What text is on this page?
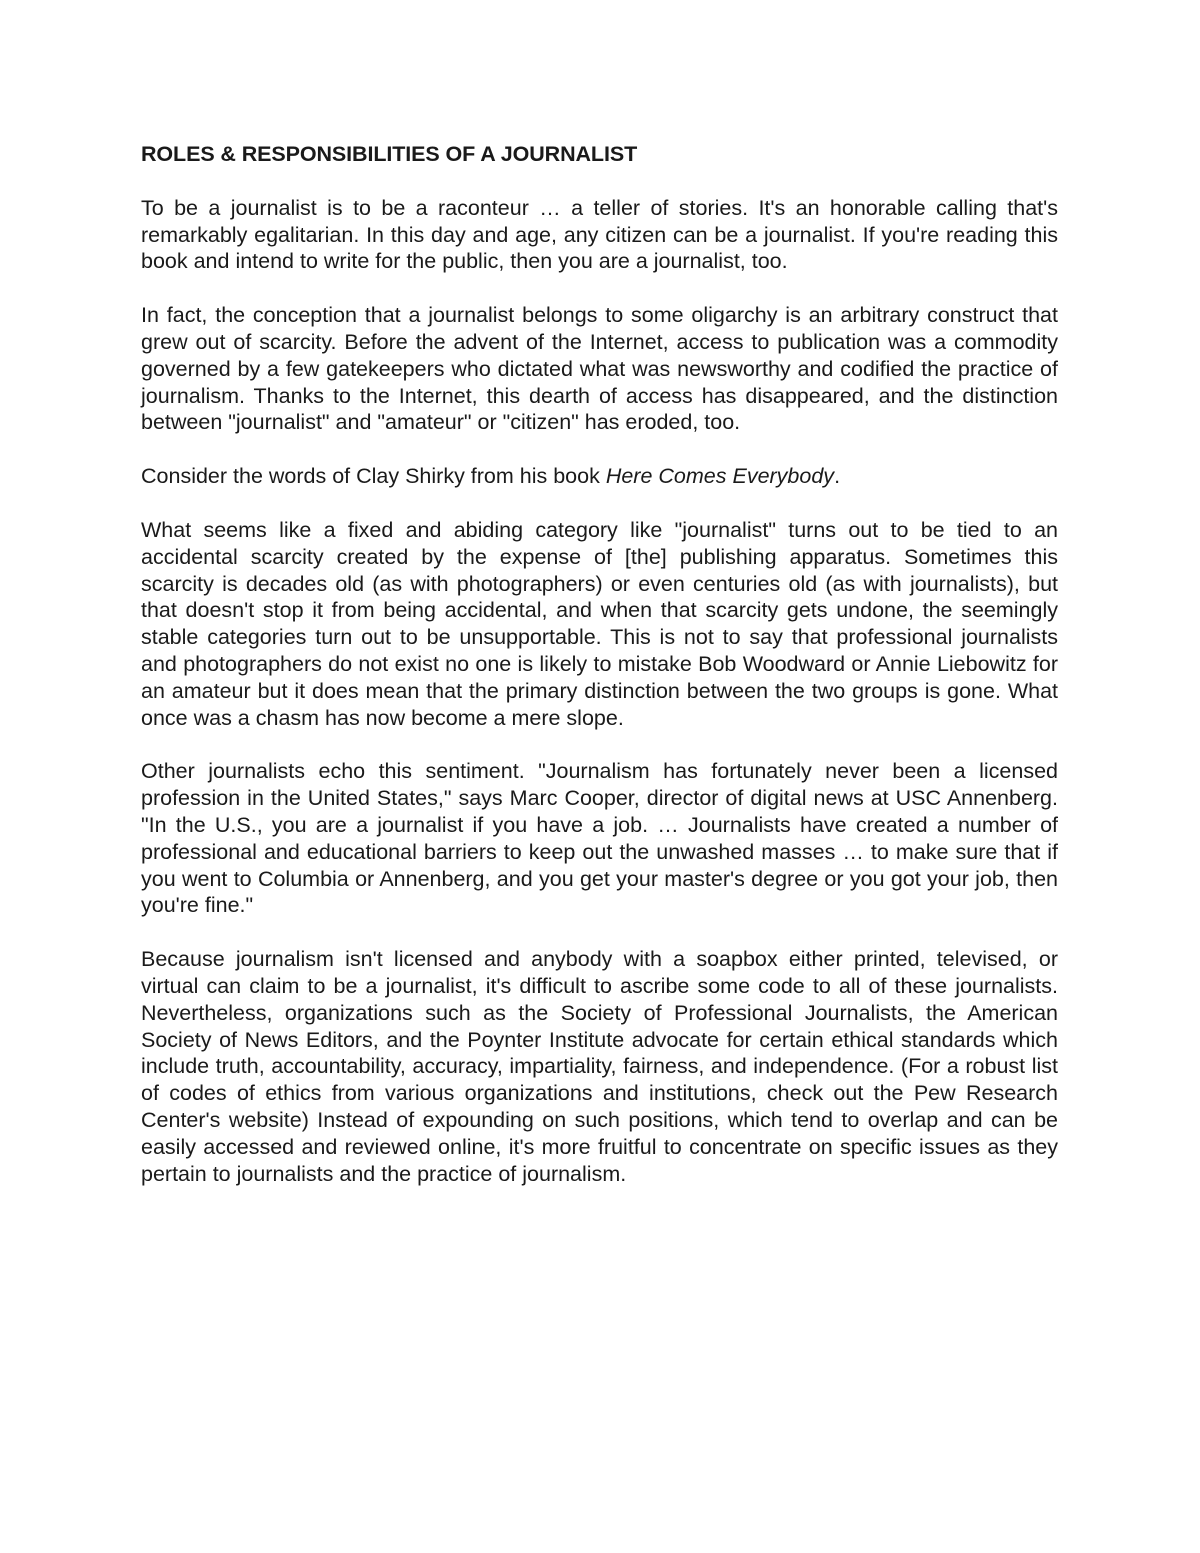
ROLES & RESPONSIBILITIES OF A JOURNALIST

To be a journalist is to be a raconteur … a teller of stories. It's an honorable calling that's remarkably egalitarian. In this day and age, any citizen can be a journalist. If you're reading this book and intend to write for the public, then you are a journalist, too.

In fact, the conception that a journalist belongs to some oligarchy is an arbitrary construct that grew out of scarcity. Before the advent of the Internet, access to publication was a commodity governed by a few gatekeepers who dictated what was newsworthy and codified the practice of journalism. Thanks to the Internet, this dearth of access has disappeared, and the distinction between "journalist" and "amateur" or "citizen" has eroded, too.

Consider the words of Clay Shirky from his book Here Comes Everybody.

What seems like a fixed and abiding category like "journalist" turns out to be tied to an accidental scarcity created by the expense of [the] publishing apparatus. Sometimes this scarcity is decades old (as with photographers) or even centuries old (as with journalists), but that doesn't stop it from being accidental, and when that scarcity gets undone, the seemingly stable categories turn out to be unsupportable. This is not to say that professional journalists and photographers do not exist no one is likely to mistake Bob Woodward or Annie Liebowitz for an amateur but it does mean that the primary distinction between the two groups is gone. What once was a chasm has now become a mere slope.

Other journalists echo this sentiment. "Journalism has fortunately never been a licensed profession in the United States," says Marc Cooper, director of digital news at USC Annenberg. "In the U.S., you are a journalist if you have a job. … Journalists have created a number of professional and educational barriers to keep out the unwashed masses … to make sure that if you went to Columbia or Annenberg, and you get your master's degree or you got your job, then you're fine."

Because journalism isn't licensed and anybody with a soapbox either printed, televised, or virtual can claim to be a journalist, it's difficult to ascribe some code to all of these journalists. Nevertheless, organizations such as the Society of Professional Journalists, the American Society of News Editors, and the Poynter Institute advocate for certain ethical standards which include truth, accountability, accuracy, impartiality, fairness, and independence. (For a robust list of codes of ethics from various organizations and institutions, check out the Pew Research Center's website) Instead of expounding on such positions, which tend to overlap and can be easily accessed and reviewed online, it's more fruitful to concentrate on specific issues as they pertain to journalists and the practice of journalism.
